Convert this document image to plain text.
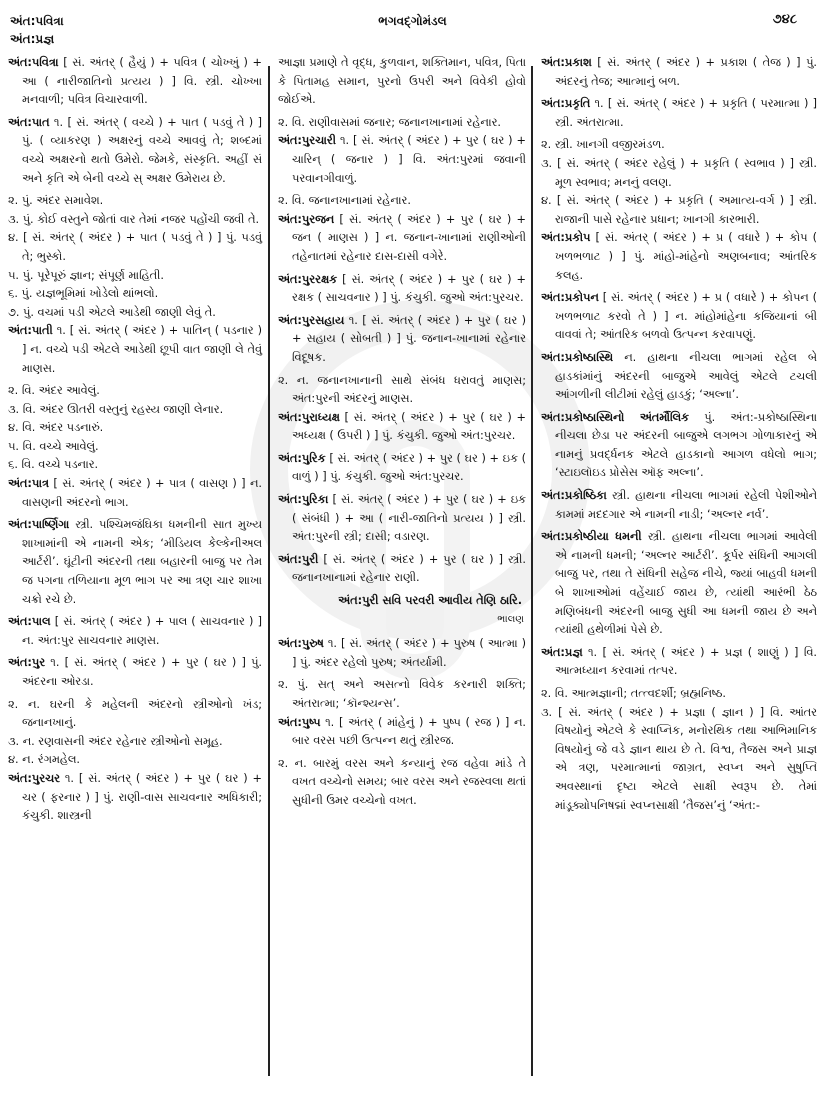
અંત:પવિત્રા
અંત:પ્રજ્ઞ
ભગવદ્ગોમંડલ	૭૪૮

અંત:પવિત્રા [ સં. અંતર્ ( હૈયું ) + પવિત્ર ( ચોખ્ખું ) + આ ( નારીજાતિનો પ્રત્યય ) ] વિ. સ્ત્રી. ચોખ્ખા મનવાળી; પવિત્ર વિચારવાળી.

અંત:પાત ૧. [ સં. અંતર્ ( વચ્ચે ) + પાત ( પડવું તે ) ] પું. ( વ્યાકરણ ) અક્ષરનું વચ્ચે આવવું તે; શબ્દમાં વચ્ચે અક્ષરનો થતો ઉમેરો. જેમકે, સંસ્કૃતિ. અહીં સં અને કૃતિ એ બેની વચ્ચે સ્ અક્ષર ઉમેરાય છે.

૨. પું. અંદર સમાવેશ.

૩. પું. કોઈ વસ્તુને જોતાં વાર તેમાં નજર પહોંચી જવી તે.

૪. [ સં. અંતર્ ( અંદર ) + પાત ( પડવું તે ) ] પું. પડવું તે; ભુસ્કો.

૫. પું. પૂરેપૂરું જ્ઞાન; સંપૂર્ણ માહિતી.

૬. પું. યજ્ઞભૂમિમાં ખોડેલો થાંભલો.

૭. પું. વચમાં પડી એટલે આડેથી જાણી લેવું તે.

અંત:પાતી ૧. [ સં. અંતર્ ( અંદર ) + પાતિન્ ( પડનાર ) ] ન. વચ્ચે પડી એટલે આડેથી છૂપી વાત જાણી લે તેવું માણસ.

૨. વિ. અંદર આવેલું.

૩. વિ. અંદર ઊતરી વસ્તુનું રહસ્ય જાણી લેનાર.

૪. વિ. અંદર પડનારું.

૫. વિ. વચ્ચે આવેલું.

૬. વિ. વચ્ચે પડનાર.

અંત:પાત્ર [ સં. અંતર્ ( અંદર ) + પાત્ર ( વાસણ ) ] ન. વાસણની અંદરનો ભાગ.

અંત:પાર્ષ્ણિગા સ્ત્રી. પશ્ચિમજંઘિકા ધમનીની સાત મુખ્ય શાખામાંની એ નામની એક; ‘મીડિયલ કેલ્કેનીઅલ આર્ટરી’. ઘૂંટીની અંદરની તથા બહારની બાજુ પર તેમ જ પગના તળિયાના મૂળ ભાગ પર આ ત્રણ ચાર શાખા ચક્રો રચે છે.

અંત:પાલ [ સં. અંતર્ ( અંદર ) + પાલ ( સાચવનાર ) ] ન. અંત:પુર સાચવનાર માણસ.

અંત:પુર ૧. [ સં. અંતર્ ( અંદર ) + પુર ( ઘર ) ] પું. અંદરના ઓરડા.

૨. ન. ઘરની કે મહેલની અંદરનો સ્ત્રીઓનો ખંડ; જનાનખાનું.

૩. ન. રણવાસની અંદર રહેનાર સ્ત્રીઓનો સમૂહ.

૪. ન. રંગમહેલ.

અંત:પુરચર ૧. [ સં. અંતર્ ( અંદર ) + પુર ( ઘર ) + ચર ( ફરનાર ) ] પું. રાણી-વાસ સાચવનાર અધિકારી; કંચુકી. શાસ્ત્રની

આજ્ઞા પ્રમાણે તે વૃદ્ધ, કુળવાન, શક્તિમાન, પવિત્ર, પિતા કે પિતામહ સમાન, પુરનો ઉપરી અને વિવેકી હોવો જોઈએ.

૨. વિ. રાણીવાસમાં જનાર; જનાનખાનામાં રહેનાર.

અંત:પુરચારી ૧. [ સં. અંતર્ ( અંદર ) + પુર ( ઘર ) + ચારિન્ ( જનાર ) ] વિ. અંત:પુરમાં જવાની પરવાનગીવાળું.

૨. વિ. જનાનખાનામાં રહેનાર.

અંત:પુરજન [ સં. અંતર્ ( અંદર ) + પુર ( ઘર ) + જન ( માણસ ) ] ન. જનાન-ખાનામાં રાણીઓની તહેનાતમાં રહેનાર દાસ-દાસી વગેરે.

અંત:પુરરક્ષક [ સં. અંતર્ ( અંદર ) + પુર ( ઘર ) + રક્ષક ( સાચવનાર ) ] પું. કંચુકી. જુઓ અંત:પુરચર.

અંત:પુરસહાય ૧. [ સં. અંતર્ ( અંદર ) + પુર ( ઘર ) + સહાય ( સોબતી ) ] પું. જનાન-ખાનામાં રહેનાર વિદૂષક.

૨. ન. જનાનખાનાની સાથે સંબંધ ધરાવતું માણસ; અંત:પુરની અંદરનું માણસ.

અંત:પુરાધ્યક્ષ [ સં. અંતર્ ( અંદર ) + પુર ( ઘર ) + અધ્યક્ષ ( ઉપરી ) ] પું. કંચુકી. જુઓ અંત:પુરચર.

અંત:પુરિક [ સં. અંતર્ ( અંદર ) + પુર ( ઘર ) + ઇક ( વાળું ) ] પું. કંચુકી. જુઓ અંત:પુરચર.

અંત:પુરિકા [ સં. અંતર્ ( અંદર ) + પુર ( ઘર ) + ઇક ( સંબંધી ) + આ ( નારી-જાતિનો પ્રત્યય ) ] સ્ત્રી. અંત:પુરની સ્ત્રી; દાસી; વડારણ.

અંત:પુરી [ સં. અંતર્ ( અંદર ) + પુર ( ઘર ) ] સ્ત્રી. જનાનખાનામાં રહેનાર રાણી.

અંત:પુરી સવિ પરવરી આવીય તેણિ ઠારિ.

ભાલણ

અંત:પુરુષ ૧. [ સં. અંતર્ ( અંદર ) + પુરુષ ( આત્મા ) ] પું. અંદર રહેલો પુરુષ; અંતર્યામી.

૨. પું. સત્ અને અસત્નો વિવેક કરનારી શક્તિ; અંતરાત્મા; ‘કૉન્શ્યન્સ’.

અંત:પુષ્પ ૧. [ અંતર્ ( માંહેનું ) + પુષ્પ ( રજ ) ] ન. બાર વરસ પછી ઉત્પન્ન થતું સ્ત્રીરજ.

૨. ન. બારમું વરસ અને કન્યાનું રજ વહેવા માંડે તે વખત વચ્ચેનો સમય; બાર વરસ અને રજસ્વલા થતાં સુધીની ઉમર વચ્ચેનો વખત.

અંત:પ્રકાશ [ સં. અંતર્ ( અંદર ) + પ્રકાશ ( તેજ ) ] પું. અંદરનું તેજ; આત્માનું બળ.

અંત:પ્રકૃતિ ૧. [ સં. અંતર્ ( અંદર ) + પ્રકૃતિ ( પરમાત્મા ) ] સ્ત્રી. અંતરાત્મા.

૨. સ્ત્રી. ખાનગી વજીરમંડળ.

૩. [ સં. અંતર્ ( અંદર રહેલું ) + પ્રકૃતિ ( સ્વભાવ ) ] સ્ત્રી. મૂળ સ્વભાવ; મનનું વલણ.

૪. [ સં. અંતર્ ( અંદર ) + પ્રકૃતિ ( અમાત્ય-વર્ગ ) ] સ્ત્રી. રાજાની પાસે રહેનાર પ્રધાન; ખાનગી કારભારી.

અંત:પ્રકોપ [ સં. અંતર્ ( અંદર ) + પ્ર ( વધારે ) + કોપ ( ખળભળાટ ) ] પું. માંહો-માંહેનો અણબનાવ; આંતરિક કલહ.

અંત:પ્રકોપન [ સં. અંતર્ ( અંદર ) + પ્ર ( વધારે ) + કોપન ( ખળભળાટ કરવો તે ) ] ન. માંહોમાંહેના કજિયાનાં બી વાવવાં તે; આંતરિક બળવો ઉત્પન્ન કરવાપણું.

અંત:પ્રકોષ્ઠાસ્થિ ન. હાથના નીચલા ભાગમાં રહેલ બે હાડકાંમાંનું અંદરની બાજુએ આવેલું એટલે ટચલી આંગળીની લીટીમાં રહેલું હાડકું; ‘અલ્ના’.

અંત:પ્રકોષ્ઠાસ્થિનો અંતર્મૌલિક પું. અંત:-પ્રકોષ્ઠાસ્થિના નીચલા છેડા પર અંદરની બાજુએ લગભગ ગોળાકારનું એ નામનું પ્રવર્દ્ધનક એટલે હાડકાનો આગળ વધેલો ભાગ; ‘સ્ટાઇલૉઇડ પ્રોસેસ ઑફ અલ્ના’.

અંત:પ્રકોષ્ઠિકા સ્ત્રી. હાથના નીચલા ભાગમાં રહેલી પેશીઓને કામમાં મદદગાર એ નામની નાડી; ‘અલ્નર નર્વ’.

અંત:પ્રકોષ્ઠીયા ધમની સ્ત્રી. હાથના નીચલા ભાગમાં આવેલી એ નામની ધમની; ‘અલ્નર આર્ટરી’. કૂર્પર સંધિની આગલી બાજુ પર, તથા તે સંધિની સહેજ નીચે, જ્યાં બાહવી ધમની બે શાખાઓમાં વહેંચાઈ જાય છે, ત્યાંથી આરંભી ઠેઠ મણિબંધની અંદરની બાજુ સુધી આ ધમની જાય છે અને ત્યાંથી હથેળીમાં પેસે છે.

અંત:પ્રજ્ઞ ૧. [ સં. અંતર્ ( અંદર ) + પ્રજ્ઞ ( શાણું ) ] વિ. આત્મધ્યાન કરવામાં તત્પર.

૨. વિ. આત્મજ્ઞાની; તત્ત્વદર્શી; બ્રહ્મનિષ્ઠ.

૩. [ સં. અંતર્ ( અંદર ) + પ્રજ્ઞા ( જ્ઞાન ) ] વિ. આંતર વિષયોનું એટલે કે સ્વાપ્નિક, મનોરથિક તથા આભિમાનિક વિષયોનું જે વડે જ્ઞાન થાય છે તે. વિશ્વ, તૈજસ અને પ્રાજ્ઞ એ ત્રણ, પરમાત્માનાં જાગ્રત, સ્વપ્ન અને સુષુપ્તિ અવસ્થાનાં દૃષ્ટા એટલે સાક્ષી સ્વરૂપ છે. તેમાં માંડૂક્યોપનિષદ્માં સ્વપ્નસાક્ષી ‘તૈજસ’નું ‘અંત:-
